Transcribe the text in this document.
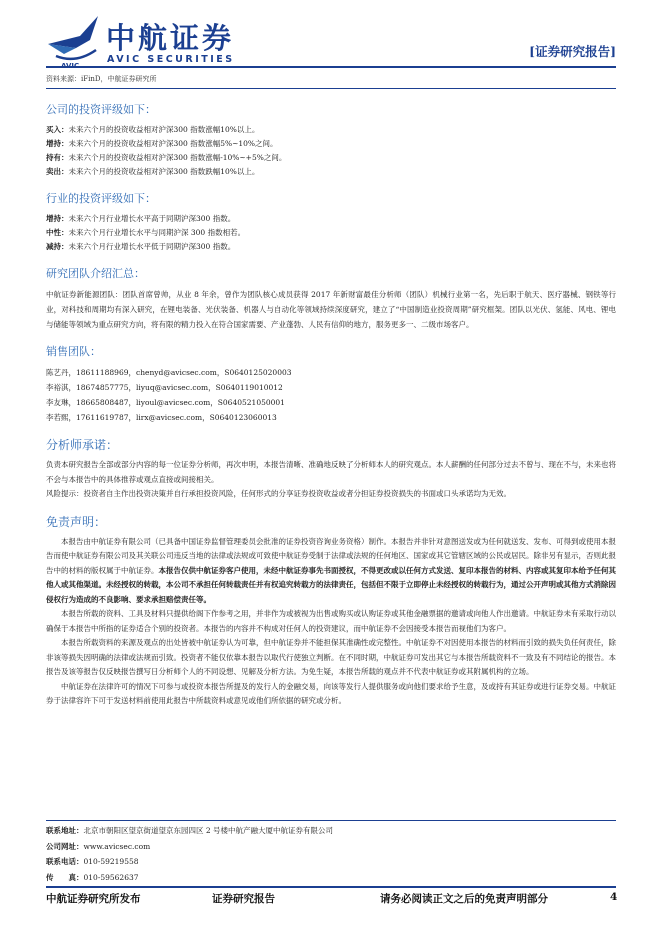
AVIC
中航证券
AVIC SECURITIES
[证券研究报告]
资料来源：iFinD，中航证券研究所
公司的投资评级如下：
买入：未来六个月的投资收益相对沪深300 指数涨幅10%以上。
增持：未来六个月的投资收益相对沪深300 指数涨幅5%~10%之间。
持有：未来六个月的投资收益相对沪深300 指数涨幅-10%~+5%之间。
卖出：未来六个月的投资收益相对沪深300 指数跌幅10%以上。
行业的投资评级如下：
增持：未来六个月行业增长水平高于同期沪深300 指数。
中性：未来六个月行业增长水平与同期沪深 300 指数相若。
减持：未来六个月行业增长水平低于同期沪深300 指数。
研究团队介绍汇总：

中航证券新能源团队：团队首席曾帅，从业 8 年余，曾作为团队核心成员获得 2017 年新财富最佳分析师（团队）机械行业第一名，先后职于航天、医疗器械、钢铁等行业，对科技和周期均有深入研究，在锂电装备、光伏装备、机器人与自动化等领域持续深度研究，建立了“中国制造业投资周期”研究框架。团队以光伏、氢能、风电、锂电与储能等领域为重点研究方向，将有限的精力投入在符合国家需要、产业蓬勃、人民有信仰的地方，服务更多一、二级市场客户。

销售团队：
陈艺丹，18611188969，chenyd@avicsec.com，S0640125020003
李裕淇，18674857775，liyuq@avicsec.com，S0640119010012
李友琳，18665808487，liyoul@avicsec.com，S0640521050001
李若熙，17611619787，lirx@avicsec.com，S0640123060013
分析师承诺：

负责本研究报告全部或部分内容的每一位证券分析师，再次申明，本报告清晰、准确地反映了分析师本人的研究观点。本人薪酬的任何部分过去不曾与、现在不与，未来也将不会与本报告中的具体推荐或观点直接或间接相关。

风险提示：投资者自主作出投资决策并自行承担投资风险，任何形式的分享证券投资收益或者分担证券投资损失的书面或口头承诺均为无效。

免责声明：

本报告由中航证券有限公司（已具备中国证券监督管理委员会批准的证券投资咨询业务资格）制作。本报告并非针对意图送发或为任何就送发、发布、可得到或使用本报告而使中航证券有限公司及其关联公司违反当地的法律或法规或可致使中航证券受制于法律或法规的任何地区、国家或其它管辖区域的公民或居民。除非另有显示，否则此报告中的材料的版权属于中航证券。本报告仅供中航证券客户使用，未经中航证券事先书面授权，不得更改或以任何方式发送、复印本报告的材料、内容或其复印本给予任何其他人或其他渠道。未经授权的转载，本公司不承担任何转载责任并有权追究转载方的法律责任，包括但不限于立即停止未经授权的转载行为，通过公开声明或其他方式消除因侵权行为造成的不良影响、要求承担赔偿责任等。

本报告所载的资料、工具及材料只提供给阁下作参考之用，并非作为或被视为出售或购买或认购证券或其他金融票据的邀请或向他人作出邀请。中航证券未有采取行动以确保于本报告中所指的证券适合个别的投资者。本报告的内容并不构成对任何人的投资建议，而中航证券不会因接受本报告而视他们为客户。

本报告所载资料的来源及观点的出处皆被中航证券认为可靠，但中航证券并不能担保其准确性或完整性。中航证券不对因使用本报告的材料而引致的损失负任何责任，除非该等损失因明确的法律或法规而引致。投资者不能仅依靠本报告以取代行使独立判断。在不同时期，中航证券可发出其它与本报告所载资料不一致及有不同结论的报告。本报告及该等报告仅反映报告撰写日分析师个人的不同设想、见解及分析方法。为免生疑，本报告所载的观点并不代表中航证券或其附属机构的立场。

中航证券在法律许可的情况下可参与或投资本报告所提及的发行人的金融交易，向该等发行人提供服务或向他们要求给予生意，及或持有其证券或进行证券交易。中航证券于法律容许下可于发送材料前使用此报告中所载资料或意见或他们所依据的研究或分析。

联系地址：北京市朝阳区望京街道望京东园四区 2 号楼中航产融大厦中航证券有限公司
公司网址：www.avicsec.com
联系电话：010-59219558
传　　真：010-59562637
中航证券研究所发布	证券研究报告	请务必阅读正文之后的免责声明部分	4
